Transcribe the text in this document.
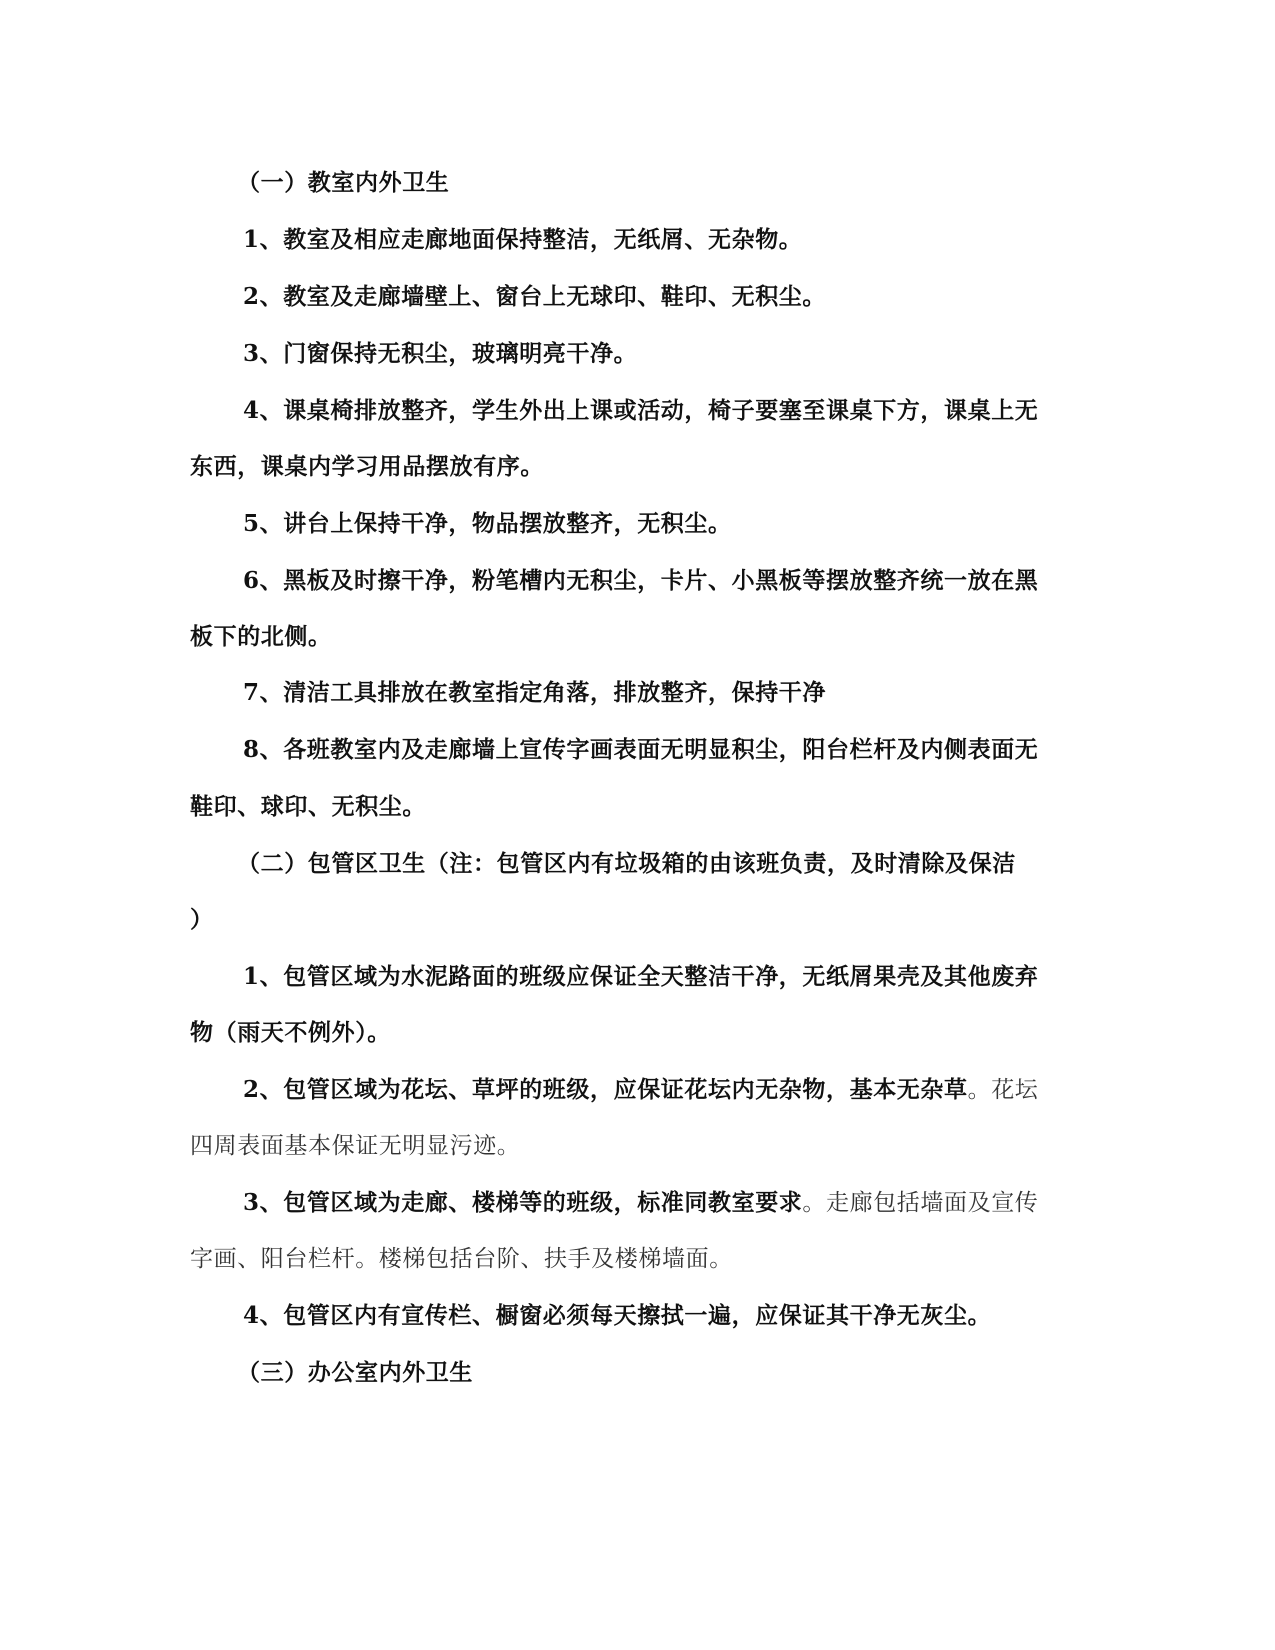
（一）教室内外卫生

1、教室及相应走廊地面保持整洁，无纸屑、无杂物。

2、教室及走廊墙壁上、窗台上无球印、鞋印、无积尘。

3、门窗保持无积尘，玻璃明亮干净。

4、课桌椅排放整齐，学生外出上课或活动，椅子要塞至课桌下方，课桌上无

东西，课桌内学习用品摆放有序。

5、讲台上保持干净，物品摆放整齐，无积尘。

6、黑板及时擦干净，粉笔槽内无积尘，卡片、小黑板等摆放整齐统一放在黑

板下的北侧。

7、清洁工具排放在教室指定角落，排放整齐，保持干净

8、各班教室内及走廊墙上宣传字画表面无明显积尘，阳台栏杆及内侧表面无

鞋印、球印、无积尘。

（二）包管区卫生（注：包管区内有垃圾箱的由该班负责，及时清除及保洁

）

1、包管区域为水泥路面的班级应保证全天整洁干净，无纸屑果壳及其他废弃

物（雨天不例外）。

2、包管区域为花坛、草坪的班级，应保证花坛内无杂物，基本无杂草。花坛

四周表面基本保证无明显污迹。

3、包管区域为走廊、楼梯等的班级，标准同教室要求。走廊包括墙面及宣传

字画、阳台栏杆。楼梯包括台阶、扶手及楼梯墙面。

4、包管区内有宣传栏、橱窗必须每天擦拭一遍，应保证其干净无灰尘。

（三）办公室内外卫生
